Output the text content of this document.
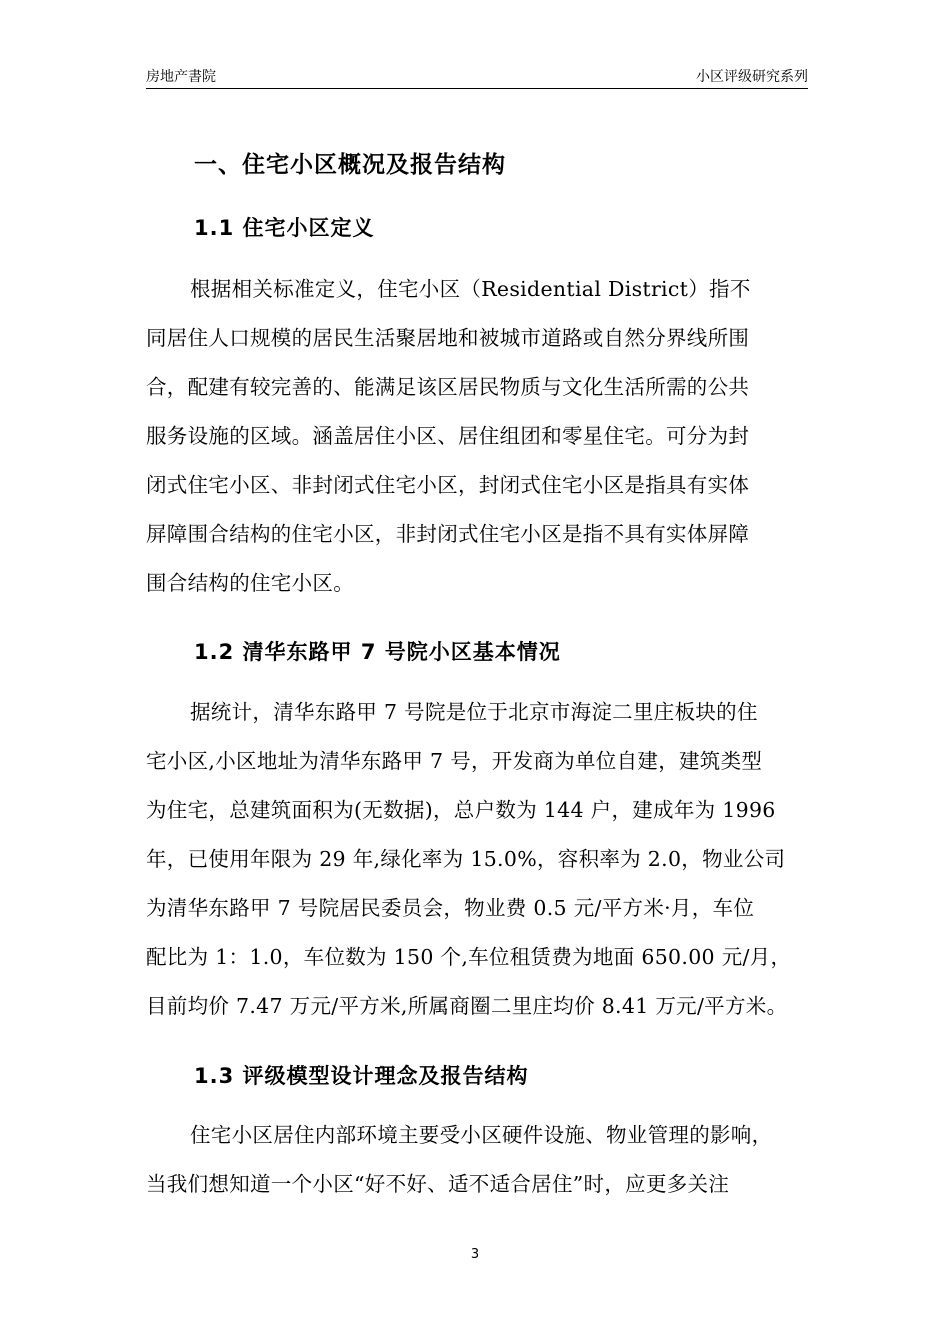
房地产書院	小区评级研究系列
一、住宅小区概况及报告结构
1.1 住宅小区定义
根据相关标准定义，住宅小区（Residential District）指不
同居住人口规模的居民生活聚居地和被城市道路或自然分界线所围
合，配建有较完善的、能满足该区居民物质与文化生活所需的公共
服务设施的区域。涵盖居住小区、居住组团和零星住宅。可分为封
闭式住宅小区、非封闭式住宅小区，封闭式住宅小区是指具有实体
屏障围合结构的住宅小区，非封闭式住宅小区是指不具有实体屏障
围合结构的住宅小区。
1.2 清华东路甲 7 号院小区基本情况
据统计，清华东路甲 7 号院是位于北京市海淀二里庄板块的住
宅小区,小区地址为清华东路甲 7 号，开发商为单位自建，建筑类型
为住宅，总建筑面积为(无数据)，总户数为 144 户，建成年为 1996
年，已使用年限为 29 年,绿化率为 15.0%，容积率为 2.0，物业公司
为清华东路甲 7 号院居民委员会，物业费 0.5 元/平方米·月，车位
配比为 1：1.0，车位数为 150 个,车位租赁费为地面 650.00 元/月，
目前均价 7.47 万元/平方米,所属商圈二里庄均价 8.41 万元/平方米。
1.3 评级模型设计理念及报告结构
住宅小区居住内部环境主要受小区硬件设施、物业管理的影响，
当我们想知道一个小区“好不好、适不适合居住”时，应更多关注
3
